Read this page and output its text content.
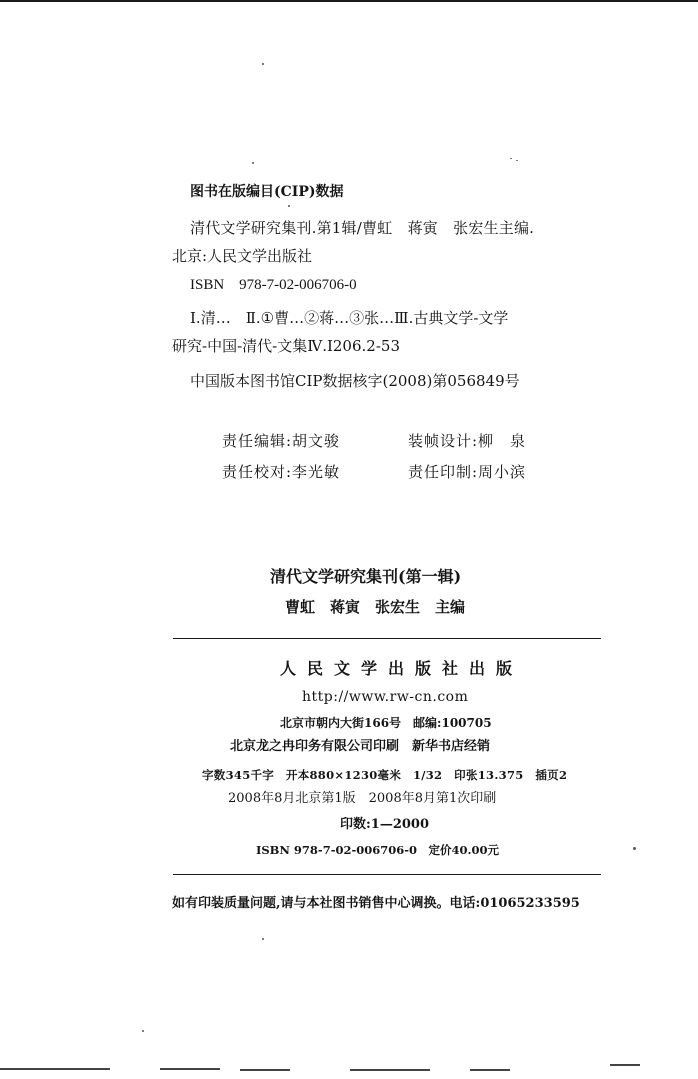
图书在版编目(CIP)数据
清代文学研究集刊.第1辑/曹虹　蒋寅　张宏生主编.
北京:人民文学出版社
ISBN　978-7-02-006706-0
Ⅰ.清…　Ⅱ.①曹…②蒋…③张…Ⅲ.古典文学-文学
研究-中国-清代-文集Ⅳ.I206.2-53
中国版本图书馆CIP数据核字(2008)第056849号
责任编辑:胡文骏	装帧设计:柳　泉
责任校对:李光敏	责任印制:周小滨
清代文学研究集刊(第一辑)
曹虹　蒋寅　张宏生　主编
人民文学出版社出版
http://www.rw-cn.com
北京市朝内大街166号　邮编:100705
北京龙之冉印务有限公司印刷　新华书店经销
字数345千字　开本880×1230毫米　1/32　印张13.375　插页2
2008年8月北京第1版　2008年8月第1次印刷
印数:1—2000
ISBN 978-7-02-006706-0　定价40.00元
如有印装质量问题,请与本社图书销售中心调换。电话:01065233595
